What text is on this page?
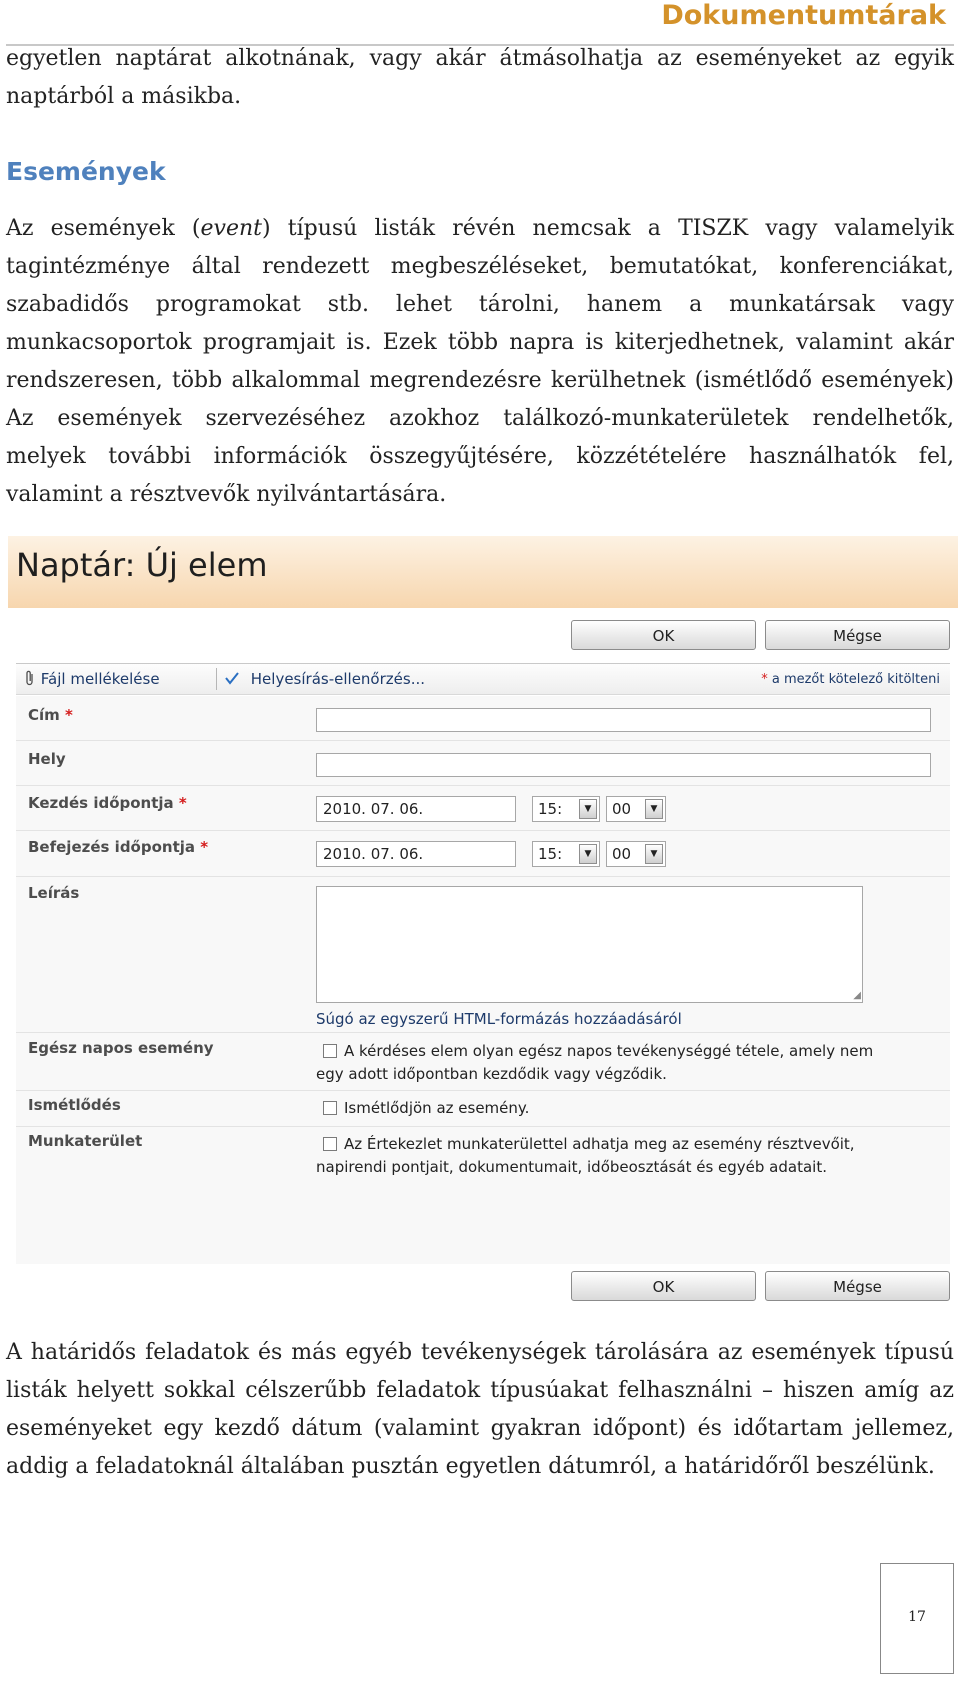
Dokumentumtárak

egyetlen naptárat alkotnának, vagy akár átmásolhatja az eseményeket az egyik naptárból a másikba.

Események

Az események (event) típusú listák révén nemcsak a TISZK vagy valamelyik tagintézménye által rendezett megbeszéléseket, bemutatókat, konferenciákat, szabadidős programokat stb. lehet tárolni, hanem a munkatársak vagy munkacsoportok programjait is. Ezek több napra is kiterjedhetnek, valamint akár rendszeresen, több alkalommal megrendezésre kerülhetnek (ismétlődő események) Az események szervezéséhez azokhoz találkozó-munkaterületek rendelhetők, melyek további információk összegyűjtésére, közzétételére használhatók fel, valamint a résztvevők nyilvántartására.

Naptár: Új elem
OK	Mégse
Fájl mellékelése	Helyesírás-ellenőrzés...	* a mezőt kötelező kitölteni
Cím *
Hely
Kezdés időpontja *	2010. 07. 06.	15:	▼	00	▼
Befejezés időpontja *	2010. 07. 06.	15:	▼	00	▼
Leírás
◢
Súgó az egyszerű HTML-formázás hozzáadásáról
Egész napos esemény	A kérdéses elem olyan egész napos tevékenységgé tétele, amely nem egy adott időpontban kezdődik vagy végződik.
Ismétlődés	Ismétlődjön az esemény.
Munkaterület	Az Értekezlet munkaterülettel adhatja meg az esemény résztvevőit, napirendi pontjait, dokumentumait, időbeosztását és egyéb adatait.
OK	Mégse

A határidős feladatok és más egyéb tevékenységek tárolására az események típusú listák helyett sokkal célszerűbb feladatok típusúakat felhasználni – hiszen amíg az eseményeket egy kezdő dátum (valamint gyakran időpont) és időtartam jellemez, addig a feladatoknál általában pusztán egyetlen dátumról, a határidőről beszélünk.

17
